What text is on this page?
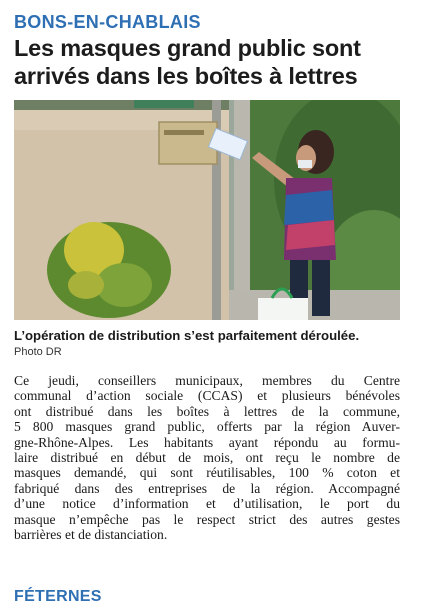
BONS-EN-CHABLAIS
Les masques grand public sont
arrivés dans les boîtes à lettres
L’opération de distribution s’est parfaitement déroulée.
Photo DR
Ce jeudi, conseillers municipaux, membres du Centre
communal d’action sociale (CCAS) et plusieurs bénévoles
ont distribué dans les boîtes à lettres de la commune,
5 800 masques grand public, offerts par la région Auver-
gne-Rhône-Alpes. Les habitants ayant répondu au formu-
laire distribué en début de mois, ont reçu le nombre de
masques demandé, qui sont réutilisables, 100 % coton et
fabriqué dans des entreprises de la région. Accompagné
d’une notice d’information et d’utilisation, le port du
masque n’empêche pas le respect strict des autres gestes
barrières et de distanciation.
FÉTERNES
